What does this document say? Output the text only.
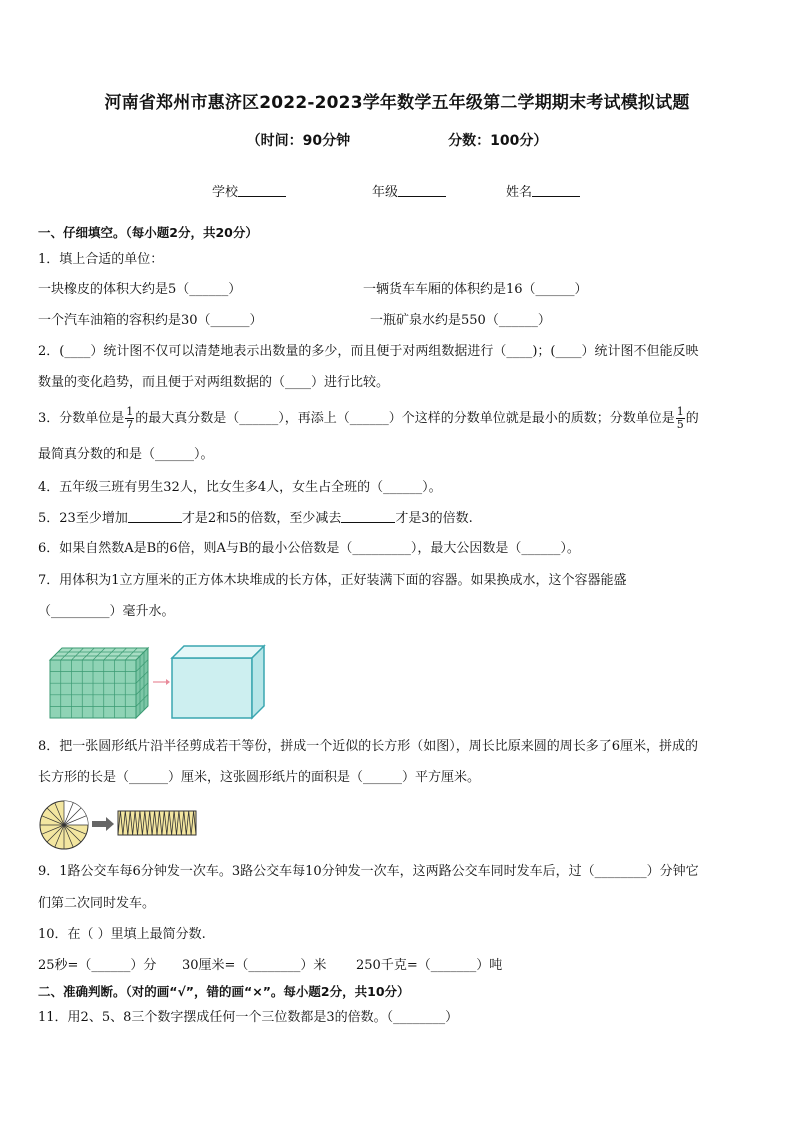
河南省郑州市惠济区2022-2023学年数学五年级第二学期期末考试模拟试题
（时间：90分钟	分数：100分）
学校	年级	姓名
一、仔细填空。（每小题2分，共20分）
1．填上合适的单位：
一块橡皮的体积大约是5（______）	一辆货车车厢的体积约是16（______）
一个汽车油箱的容积约是30（______）	一瓶矿泉水约是550（______）
2．(____）统计图不仅可以清楚地表示出数量的多少，而且便于对两组数据进行（____)；(____）统计图不但能反映
数量的变化趋势，而且便于对两组数据的（____）进行比较。
3．分数单位是 $\frac{1}{7}$ 的最大真分数是（______），再添上（______）个这样的分数单位就是最小的质数；分数单位是 $\frac{1}{5}$ 的
最简真分数的和是（______）。
4．五年级三班有男生32人，比女生多4人，女生占全班的（______）。
5．23至少增加	才是2和5的倍数，至少减去	才是3的倍数.
6．如果自然数A是B的6倍，则A与B的最小公倍数是（_________），最大公因数是（______）。
7．用体积为1立方厘米的正方体木块堆成的长方体，正好装满下面的容器。如果换成水，这个容器能盛
（_________）毫升水。
8．把一张圆形纸片沿半径剪成若干等份，拼成一个近似的长方形（如图），周长比原来圆的周长多了6厘米，拼成的
长方形的长是（______）厘米，这张圆形纸片的面积是（______）平方厘米。
9．1路公交车每6分钟发一次车。3路公交车每10分钟发一次车，这两路公交车同时发车后，过（________）分钟它
们第二次同时发车。
10．在（ ）里填上最简分数.
25秒=（______）分 30厘米=（________）米 250千克=（_______）吨
二、准确判断。（对的画“√”，错的画“×”。每小题2分，共10分）
11．用2、5、8三个数字摆成任何一个三位数都是3的倍数。（________）
